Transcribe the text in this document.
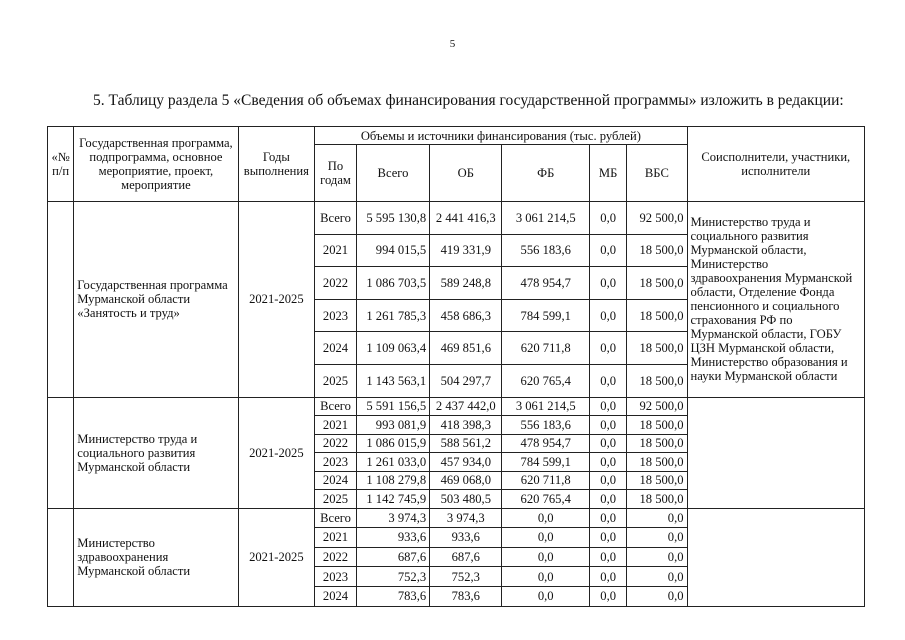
5
5. Таблицу раздела 5 «Сведения об объемах финансирования государственной программы» изложить в редакции:
«№ п/п	Государственная программа, подпрограмма, основное мероприятие, проект, мероприятие	Годы выполнения	Объемы и источники финансирования (тыс. рублей)						Соисполнители, участники, исполнители
			По годам	Всего	ОБ	ФБ	МБ	ВБС	
	Государственная программа Мурманской области «Занятость и труд»	2021-2025	Всего	5 595 130,8	2 441 416,3	3 061 214,5	0,0	92 500,0	Министерство труда и социального развития Мурманской области, Министерство здравоохранения Мурманской области, Отделение Фонда пенсионного и социального страхования РФ по Мурманской области, ГОБУ ЦЗН Мурманской области, Министерство образования и науки Мурманской области
			2021	994 015,5	419 331,9	556 183,6	0,0	18 500,0	
			2022	1 086 703,5	589 248,8	478 954,7	0,0	18 500,0	
			2023	1 261 785,3	458 686,3	784 599,1	0,0	18 500,0	
			2024	1 109 063,4	469 851,6	620 711,8	0,0	18 500,0	
			2025	1 143 563,1	504 297,7	620 765,4	0,0	18 500,0	
	Министерство труда и социального развития Мурманской области	2021-2025	Всего	5 591 156,5	2 437 442,0	3 061 214,5	0,0	92 500,0	
			2021	993 081,9	418 398,3	556 183,6	0,0	18 500,0	
			2022	1 086 015,9	588 561,2	478 954,7	0,0	18 500,0	
			2023	1 261 033,0	457 934,0	784 599,1	0,0	18 500,0	
			2024	1 108 279,8	469 068,0	620 711,8	0,0	18 500,0	
			2025	1 142 745,9	503 480,5	620 765,4	0,0	18 500,0	
	Министерство здравоохранения Мурманской области	2021-2025	Всего	3 974,3	3 974,3	0,0	0,0	0,0	
			2021	933,6	933,6	0,0	0,0	0,0	
			2022	687,6	687,6	0,0	0,0	0,0	
			2023	752,3	752,3	0,0	0,0	0,0	
			2024	783,6	783,6	0,0	0,0	0,0	
